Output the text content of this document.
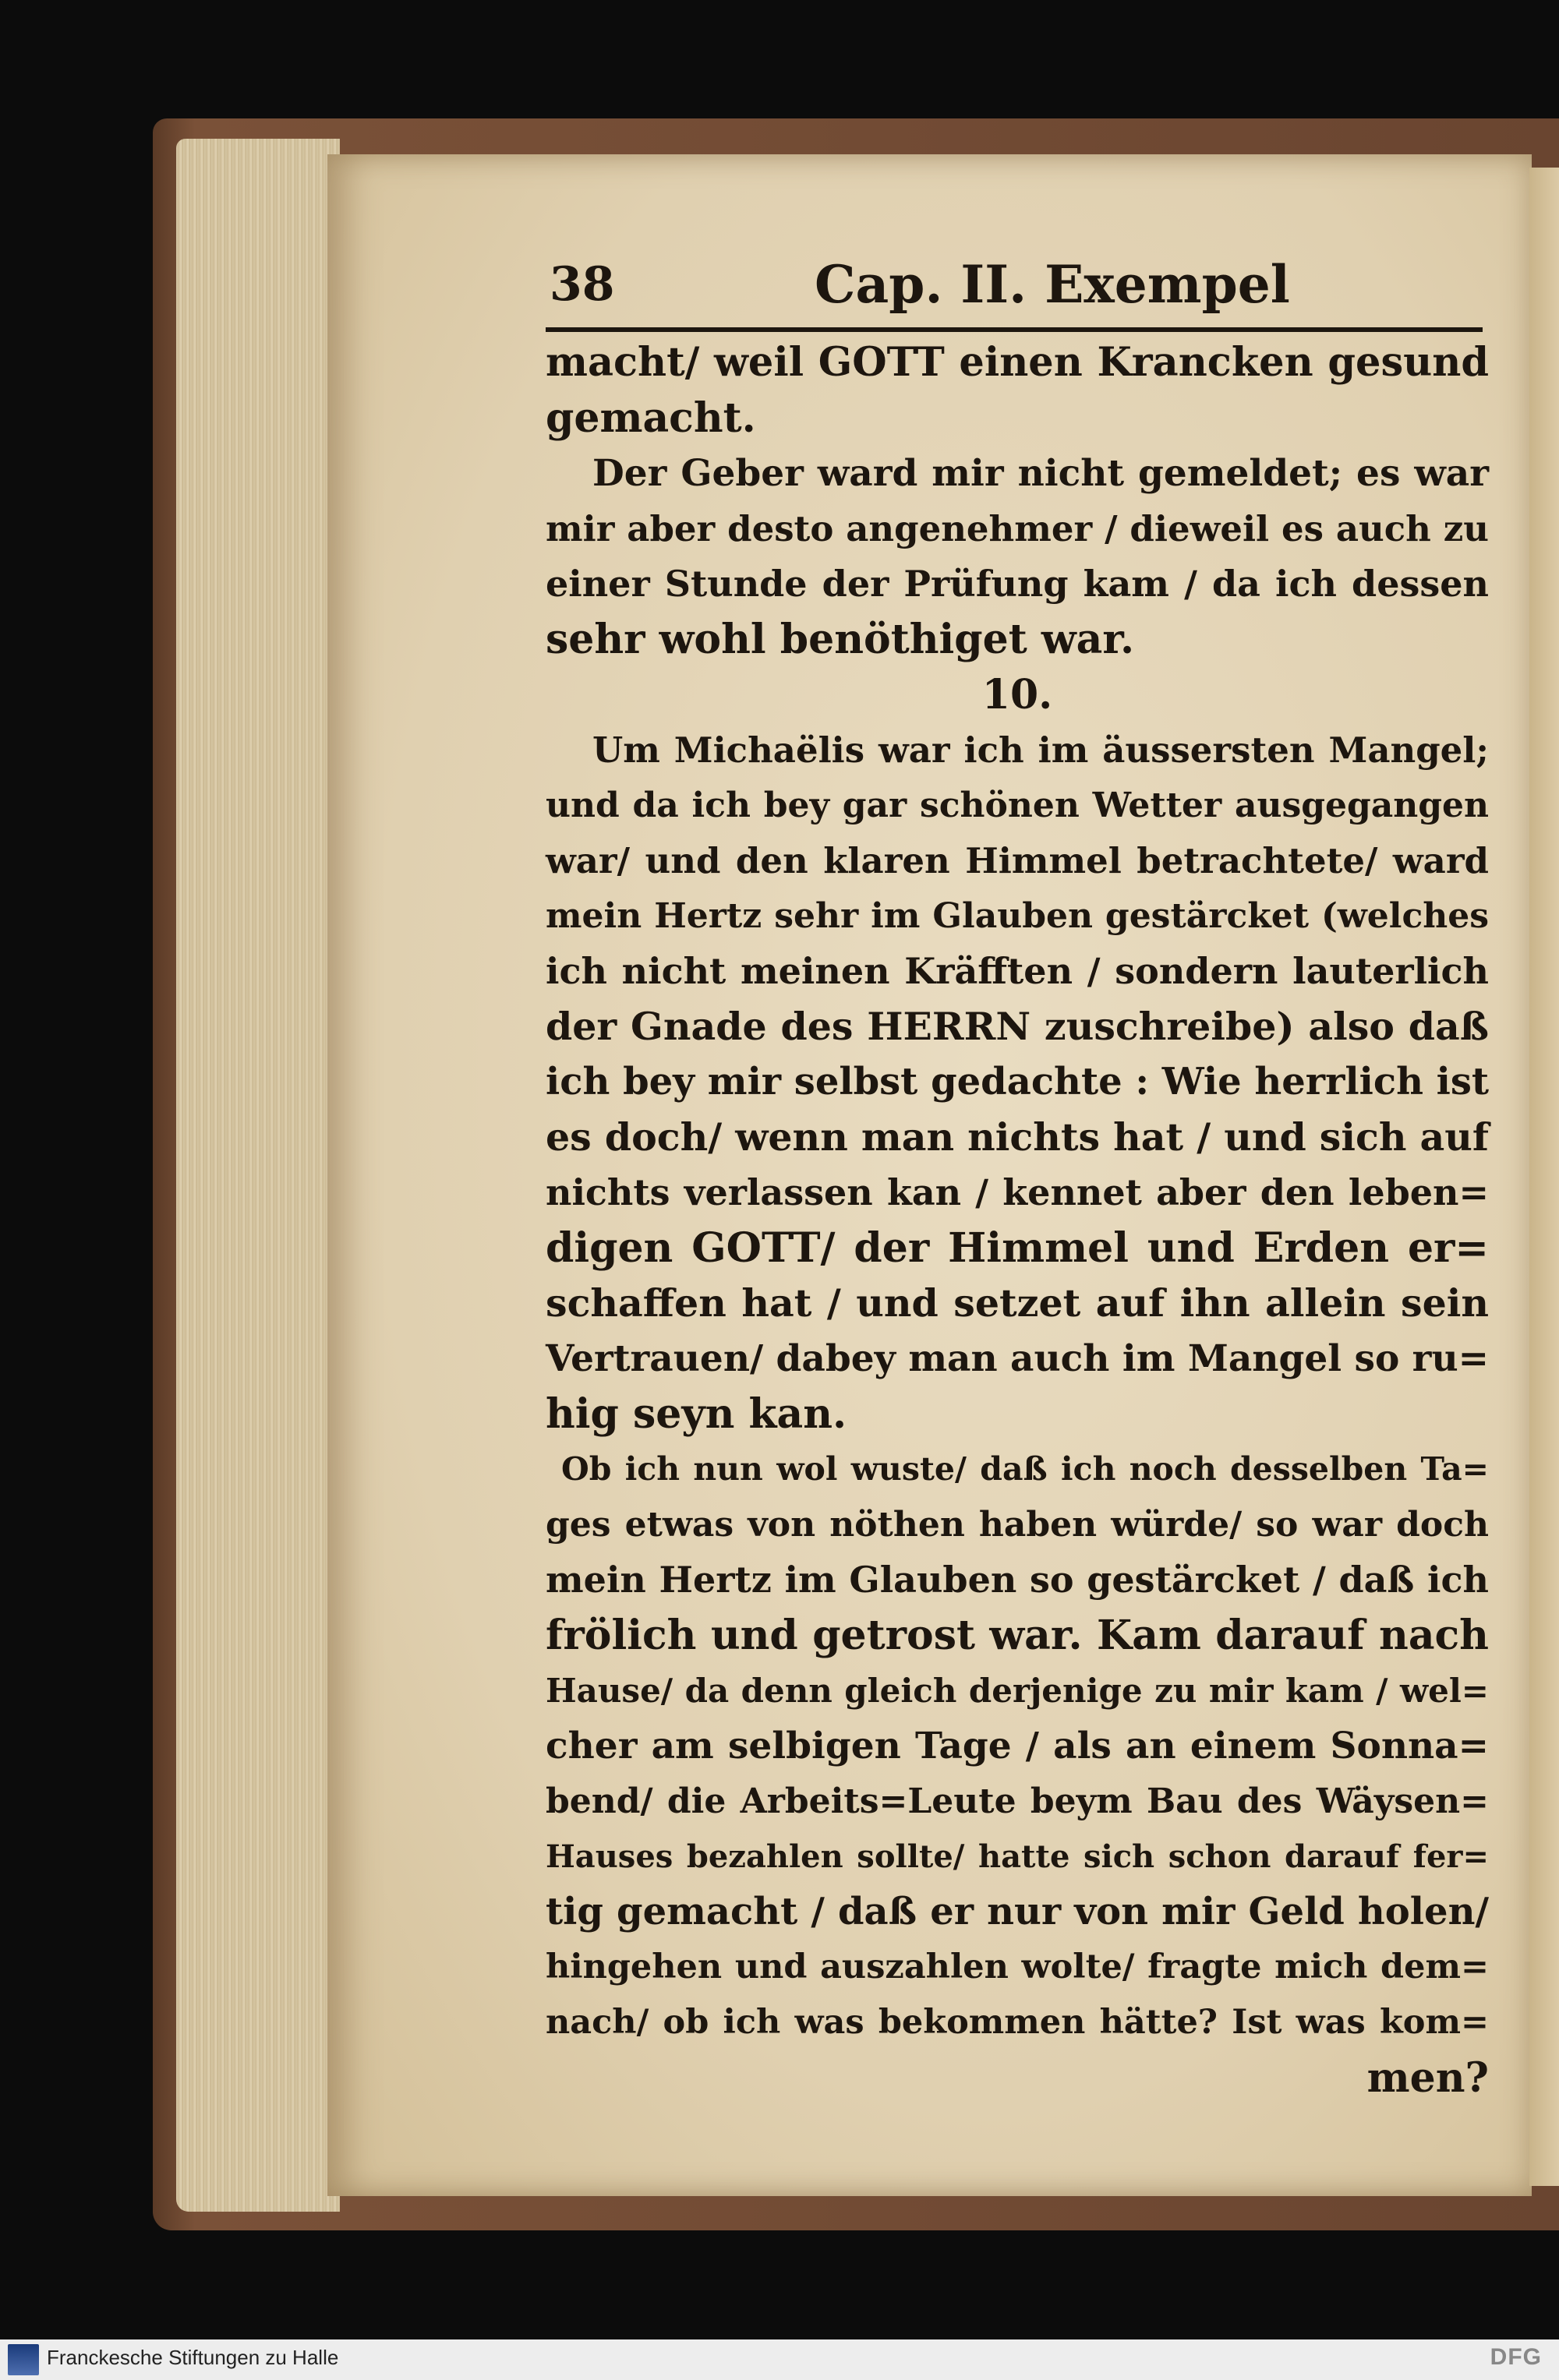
38	Cap. II. Exempel
macht/ weil GOTT einen Krancken gesund
gemacht.
Der Geber ward mir nicht gemeldet; es war
mir aber desto angenehmer / dieweil es auch zu
einer Stunde der Prüfung kam / da ich dessen
sehr wohl benöthiget war.
10.
Um Michaëlis war ich im äussersten Mangel;
und da ich bey gar schönen Wetter ausgegangen
war/ und den klaren Himmel betrachtete/ ward
mein Hertz sehr im Glauben gestärcket (welches
ich nicht meinen Kräfften / sondern lauterlich
der Gnade des HERRN zuschreibe) also daß
ich bey mir selbst gedachte : Wie herrlich ist
es doch/ wenn man nichts hat / und sich auf
nichts verlassen kan / kennet aber den leben=
digen GOTT/ der Himmel und Erden er=
schaffen hat / und setzet auf ihn allein sein
Vertrauen/ dabey man auch im Mangel so ru=
hig seyn kan.
Ob ich nun wol wuste/ daß ich noch desselben Ta=
ges etwas von nöthen haben würde/ so war doch
mein Hertz im Glauben so gestärcket / daß ich
frölich und getrost war. Kam darauf nach
Hause/ da denn gleich derjenige zu mir kam / wel=
cher am selbigen Tage / als an einem Sonna=
bend/ die Arbeits=Leute beym Bau des Wäysen=
Hauses bezahlen sollte/ hatte sich schon darauf fer=
tig gemacht / daß er nur von mir Geld holen/
hingehen und auszahlen wolte/ fragte mich dem=
nach/ ob ich was bekommen hätte? Ist was kom=
men?
Franckesche Stiftungen zu Halle	DFG
